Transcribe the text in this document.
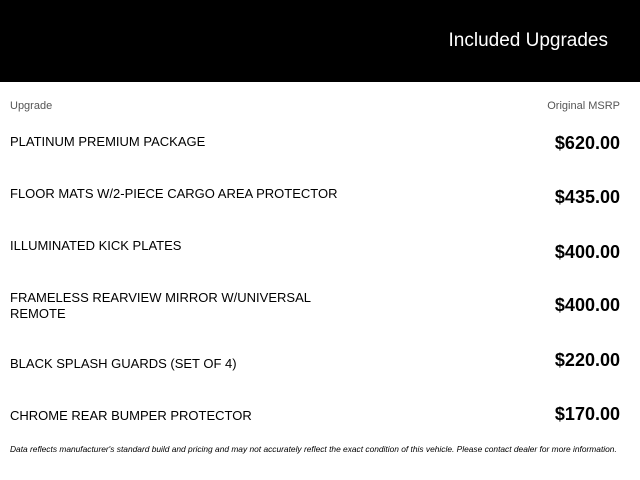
Included Upgrades
Upgrade	Original MSRP
PLATINUM PREMIUM PACKAGE	$620.00
FLOOR MATS W/2-PIECE CARGO AREA PROTECTOR	$435.00
ILLUMINATED KICK PLATES	$400.00
FRAMELESS REARVIEW MIRROR W/UNIVERSAL REMOTE	$400.00
BLACK SPLASH GUARDS (SET OF 4)	$220.00
CHROME REAR BUMPER PROTECTOR	$170.00
Data reflects manufacturer's standard build and pricing and may not accurately reflect the exact condition of this vehicle. Please contact dealer for more information.
